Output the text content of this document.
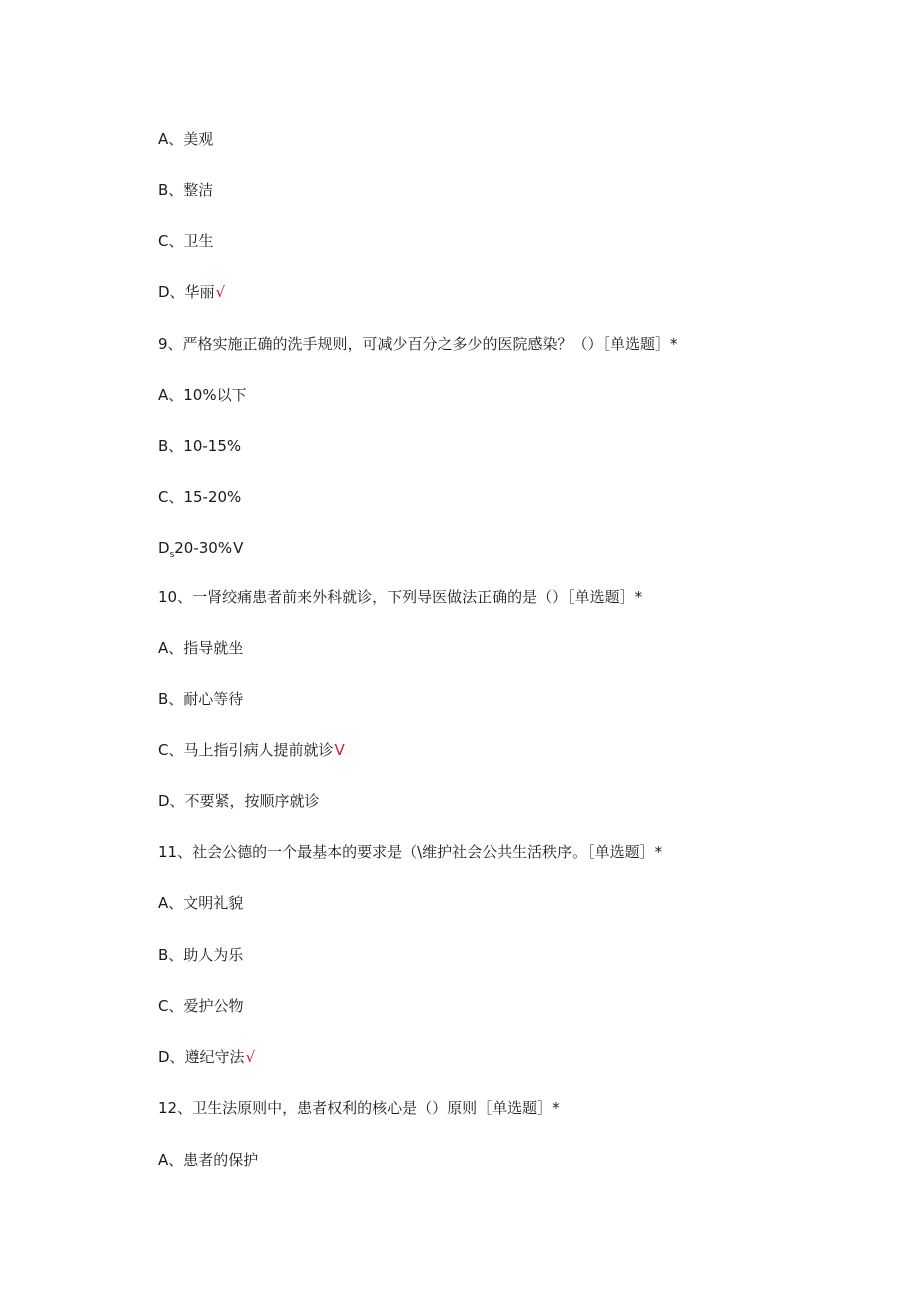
A、美观
B、整洁
C、卫生
D、华丽√
9、严格实施正确的洗手规则，可减少百分之多少的医院感染？（）［单选题］*
A、10%以下
B、10-15%
C、15-20%
$D_s20-30\%V$
10、一肾绞痛患者前来外科就诊，下列导医做法正确的是（）［单选题］*
A、指导就坐
B、耐心等待
C、马上指引病人提前就诊V
D、不要紧，按顺序就诊
11、社会公德的一个最基本的要求是（\维护社会公共生活秩序。［单选题］*
A、文明礼貌
B、助人为乐
C、爱护公物
D、遵纪守法√
12、卫生法原则中，患者权利的核心是（）原则［单选题］*
A、患者的保护
